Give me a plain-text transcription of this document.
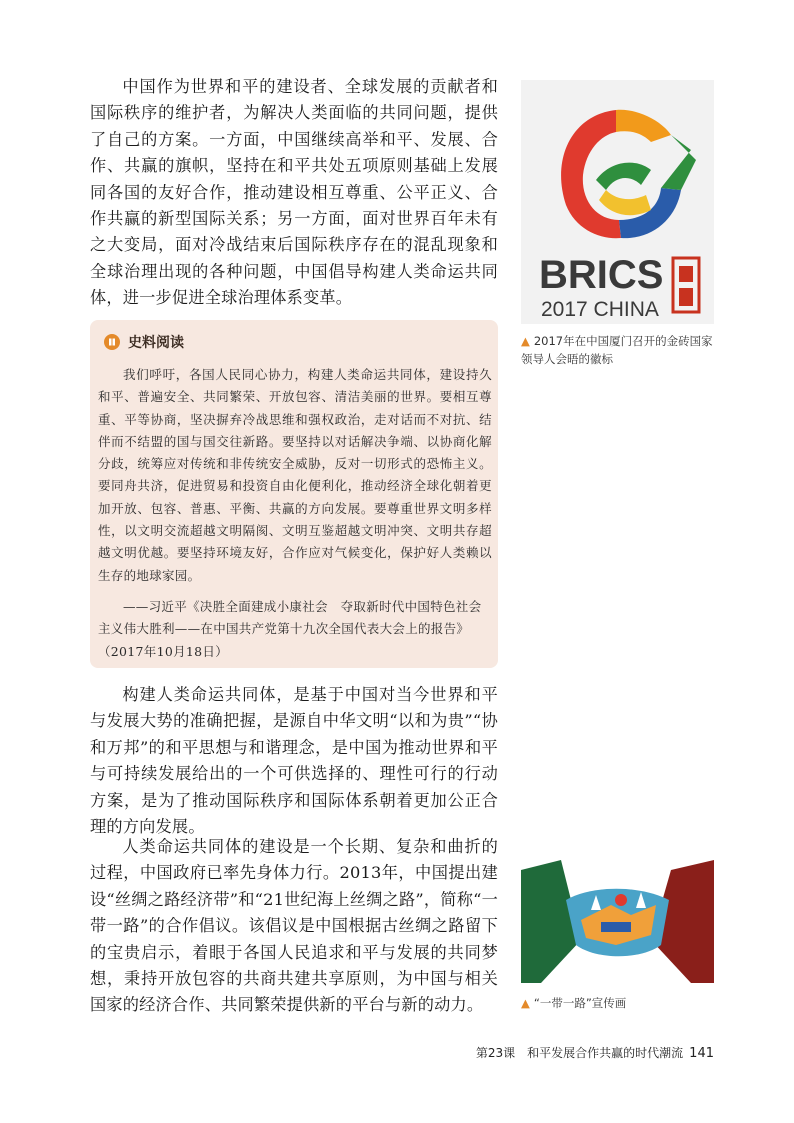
中国作为世界和平的建设者、全球发展的贡献者和国际秩序的维护者，为解决人类面临的共同问题，提供了自己的方案。一方面，中国继续高举和平、发展、合作、共赢的旗帜，坚持在和平共处五项原则基础上发展同各国的友好合作，推动建设相互尊重、公平正义、合作共赢的新型国际关系；另一方面，面对世界百年未有之大变局，面对冷战结束后国际秩序存在的混乱现象和全球治理出现的各种问题，中国倡导构建人类命运共同体，进一步促进全球治理体系变革。

史料阅读

我们呼吁，各国人民同心协力，构建人类命运共同体，建设持久和平、普遍安全、共同繁荣、开放包容、清洁美丽的世界。要相互尊重、平等协商，坚决摒弃冷战思维和强权政治，走对话而不对抗、结伴而不结盟的国与国交往新路。要坚持以对话解决争端、以协商化解分歧，统筹应对传统和非传统安全威胁，反对一切形式的恐怖主义。要同舟共济，促进贸易和投资自由化便利化，推动经济全球化朝着更加开放、包容、普惠、平衡、共赢的方向发展。要尊重世界文明多样性，以文明交流超越文明隔阂、文明互鉴超越文明冲突、文明共存超越文明优越。要坚持环境友好，合作应对气候变化，保护好人类赖以生存的地球家园。

——习近平《决胜全面建成小康社会　夺取新时代中国特色社会主义伟大胜利——在中国共产党第十九次全国代表大会上的报告》（2017年10月18日）

构建人类命运共同体，是基于中国对当今世界和平与发展大势的准确把握，是源自中华文明“以和为贵”“协和万邦”的和平思想与和谐理念，是中国为推动世界和平与可持续发展给出的一个可供选择的、理性可行的行动方案，是为了推动国际秩序和国际体系朝着更加公正合理的方向发展。

人类命运共同体的建设是一个长期、复杂和曲折的过程，中国政府已率先身体力行。2013年，中国提出建设“丝绸之路经济带”和“21世纪海上丝绸之路”，简称“一带一路”的合作倡议。该倡议是中国根据古丝绸之路留下的宝贵启示，着眼于各国人民追求和平与发展的共同梦想，秉持开放包容的共商共建共享原则，为中国与相关国家的经济合作、共同繁荣提供新的平台与新的动力。

BRICS
2017 CHINA

▲ 2017年在中国厦门召开的金砖国家领导人会晤的徽标

▲ “一带一路”宣传画

第23课　和平发展合作共赢的时代潮流 141
